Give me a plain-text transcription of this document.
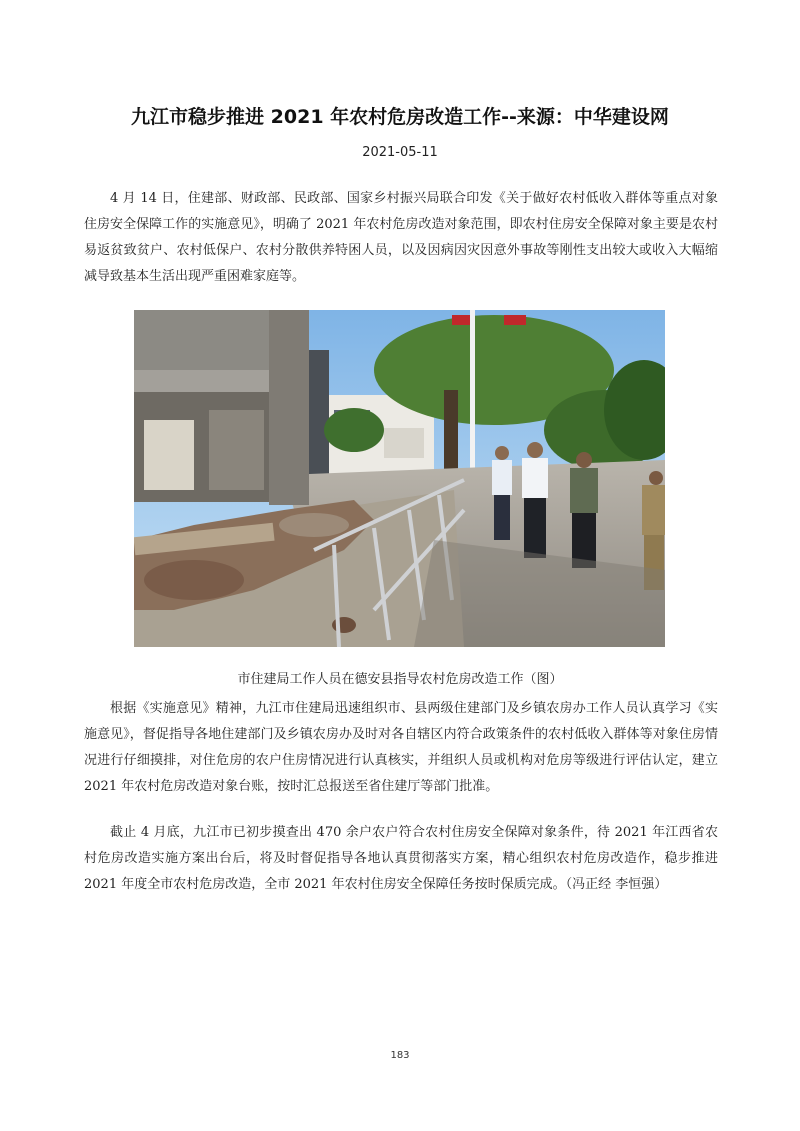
九江市稳步推进 2021 年农村危房改造工作--来源：中华建设网
2021-05-11

4 月 14 日，住建部、财政部、民政部、国家乡村振兴局联合印发《关于做好农村低收入群体等重点对象住房安全保障工作的实施意见》，明确了 2021 年农村危房改造对象范围，即农村住房安全保障对象主要是农村易返贫致贫户、农村低保户、农村分散供养特困人员，以及因病因灾因意外事故等刚性支出较大或收入大幅缩减导致基本生活出现严重困难家庭等。

市住建局工作人员在德安县指导农村危房改造工作（图）

根据《实施意见》精神，九江市住建局迅速组织市、县两级住建部门及乡镇农房办工作人员认真学习《实施意见》，督促指导各地住建部门及乡镇农房办及时对各自辖区内符合政策条件的农村低收入群体等对象住房情况进行仔细摸排，对住危房的农户住房情况进行认真核实，并组织人员或机构对危房等级进行评估认定，建立 2021 年农村危房改造对象台账，按时汇总报送至省住建厅等部门批准。

截止 4 月底，九江市已初步摸查出 470 余户农户符合农村住房安全保障对象条件，待 2021 年江西省农村危房改造实施方案出台后，将及时督促指导各地认真贯彻落实方案，精心组织农村危房改造作，稳步推进 2021 年度全市农村危房改造，全市 2021 年农村住房安全保障任务按时保质完成。（冯正经 李恒强）

183
